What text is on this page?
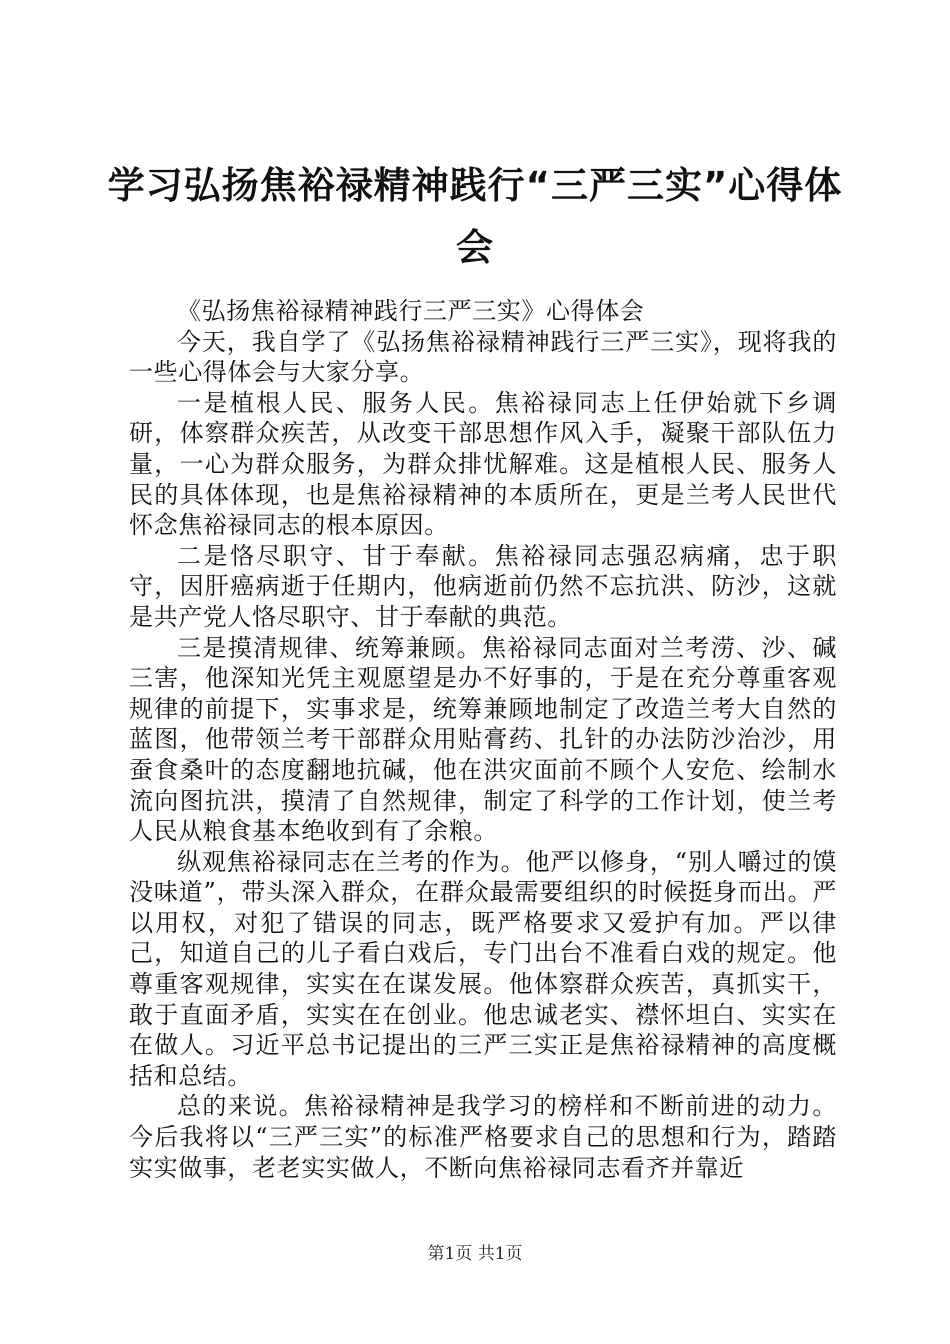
学习弘扬焦裕禄精神践行“三严三实”心得体会

《弘扬焦裕禄精神践行三严三实》心得体会

今天，我自学了《弘扬焦裕禄精神践行三严三实》，现将我的一些心得体会与大家分享。

一是植根人民、服务人民。焦裕禄同志上任伊始就下乡调研，体察群众疾苦，从改变干部思想作风入手，凝聚干部队伍力量，一心为群众服务，为群众排忧解难。这是植根人民、服务人民的具体体现，也是焦裕禄精神的本质所在，更是兰考人民世代怀念焦裕禄同志的根本原因。

二是恪尽职守、甘于奉献。焦裕禄同志强忍病痛，忠于职守，因肝癌病逝于任期内，他病逝前仍然不忘抗洪、防沙，这就是共产党人恪尽职守、甘于奉献的典范。

三是摸清规律、统筹兼顾。焦裕禄同志面对兰考涝、沙、碱三害，他深知光凭主观愿望是办不好事的，于是在充分尊重客观规律的前提下，实事求是，统筹兼顾地制定了改造兰考大自然的蓝图，他带领兰考干部群众用贴膏药、扎针的办法防沙治沙，用蚕食桑叶的态度翻地抗碱，他在洪灾面前不顾个人安危、绘制水流向图抗洪，摸清了自然规律，制定了科学的工作计划，使兰考人民从粮食基本绝收到有了余粮。

纵观焦裕禄同志在兰考的作为。他严以修身，“别人嚼过的馍没味道”，带头深入群众，在群众最需要组织的时候挺身而出。严以用权，对犯了错误的同志，既严格要求又爱护有加。严以律己，知道自己的儿子看白戏后，专门出台不准看白戏的规定。他尊重客观规律，实实在在谋发展。他体察群众疾苦，真抓实干，敢于直面矛盾，实实在在创业。他忠诚老实、襟怀坦白、实实在在做人。习近平总书记提出的三严三实正是焦裕禄精神的高度概括和总结。

总的来说。焦裕禄精神是我学习的榜样和不断前进的动力。今后我将以“三严三实”的标准严格要求自己的思想和行为，踏踏实实做事，老老实实做人，不断向焦裕禄同志看齐并靠近

第1页 共1页
